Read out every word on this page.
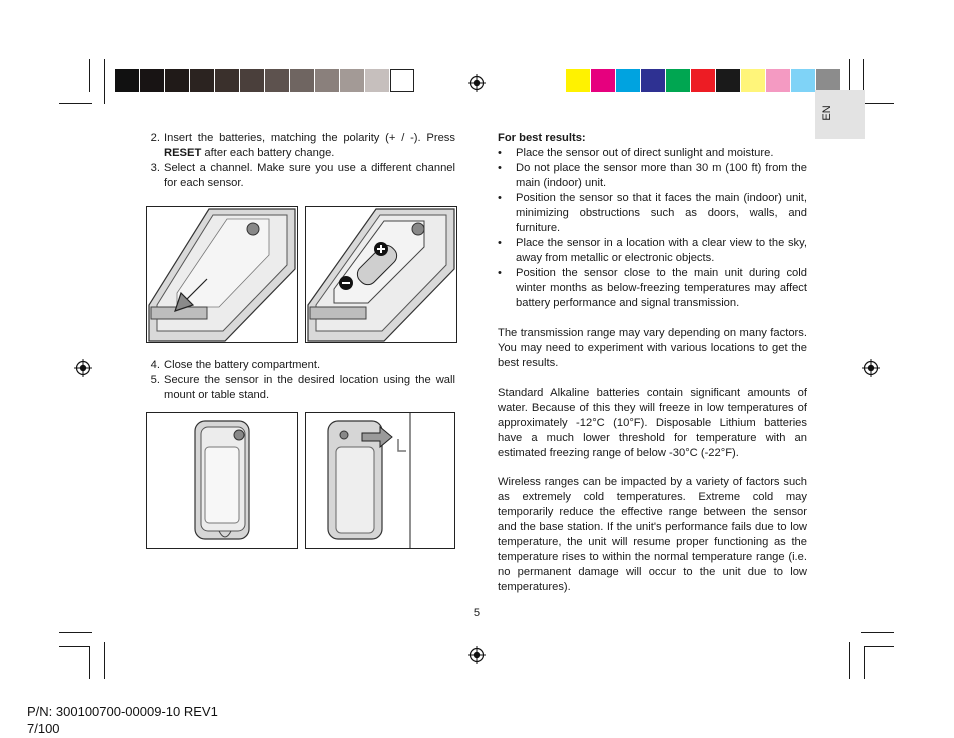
EN
2. Insert the batteries, matching the polarity (+ / -). Press RESET after each battery change.
3. Select a channel. Make sure you use a different channel for each sensor.
4. Close the battery compartment.
5. Secure the sensor in the desired location using the wall mount or table stand.
For best results:
• Place the sensor out of direct sunlight and moisture.
• Do not place the sensor more than 30 m (100 ft) from the main (indoor) unit.
• Position the sensor so that it faces the main (indoor) unit, minimizing obstructions such as doors, walls, and furniture.
• Place the sensor in a location with a clear view to the sky, away from metallic or electronic objects.
• Position the sensor close to the main unit during cold winter months as below-freezing temperatures may affect battery performance and signal transmission.
The transmission range may vary depending on many factors. You may need to experiment with various locations to get the best results.
Standard Alkaline batteries contain significant amounts of water. Because of this they will freeze in low temperatures of approximately -12°C (10°F). Disposable Lithium batteries have a much lower threshold for temperature with an estimated freezing range of below -30°C (-22°F).
Wireless ranges can be impacted by a variety of factors such as extremely cold temperatures. Extreme cold may temporarily reduce the effective range between the sensor and the base station. If the unit's performance fails due to low temperature, the unit will resume proper functioning as the temperature rises to within the normal temperature range (i.e. no permanent damage will occur to the unit due to low temperatures).
5
P/N: 300100700-00009-10 REV1
7/100
